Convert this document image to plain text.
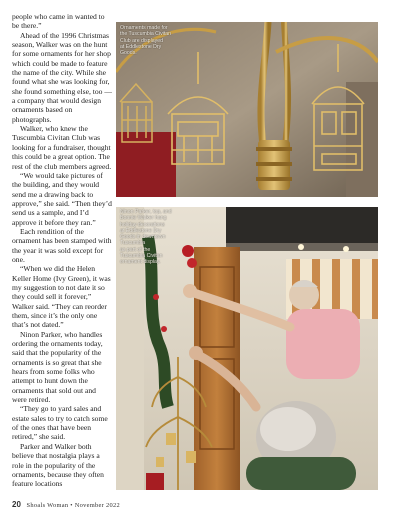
people who came in wanted to be there.”

Ahead of the 1996 Christmas season, Walker was on the hunt for some ornaments for her shop which could be made to feature the name of the city. While she found what she was looking for, she found something else, too — a company that would design ornaments based on photographs.

Walker, who knew the Tuscumbia Civitan Club was looking for a fundraiser, thought this could be a great option. The rest of the club members agreed.

“We would take pictures of the building, and they would send me a drawing back to approve,” she said. “Then they’d send us a sample, and I’d approve it before they ran.”

Each rendition of the ornament has been stamped with the year it was sold except for one.

“When we did the Helen Keller Home (Ivy Green), it was my suggestion to not date it so they could sell it forever,” Walker said. “They can reorder them, since it’s the only one that’s not dated.”

Ninon Parker, who handles ordering the ornaments today, said that the popularity of the ornaments is so great that she hears from some folks who attempt to hunt down the ornaments that sold out and were retired.

“They go to yard sales and estate sales to try to catch some of the ones that have been retired,” she said.

Parker and Walker both believe that nostalgia plays a role in the popularity of the ornaments, because they often feature locations

Ornaments made for
the Tuscumbia Civitan
Club are displayed
at Eddlestone Dry
Goods.
Ninon Parker, top, and
Bonnie Walker hang
holiday decorations
at Eddlestone Dry
Goods in downtown
Tuscumbia
as part of the
Tuscumbia Civitan
ornament display.
20 Shoals Woman • November 2022
